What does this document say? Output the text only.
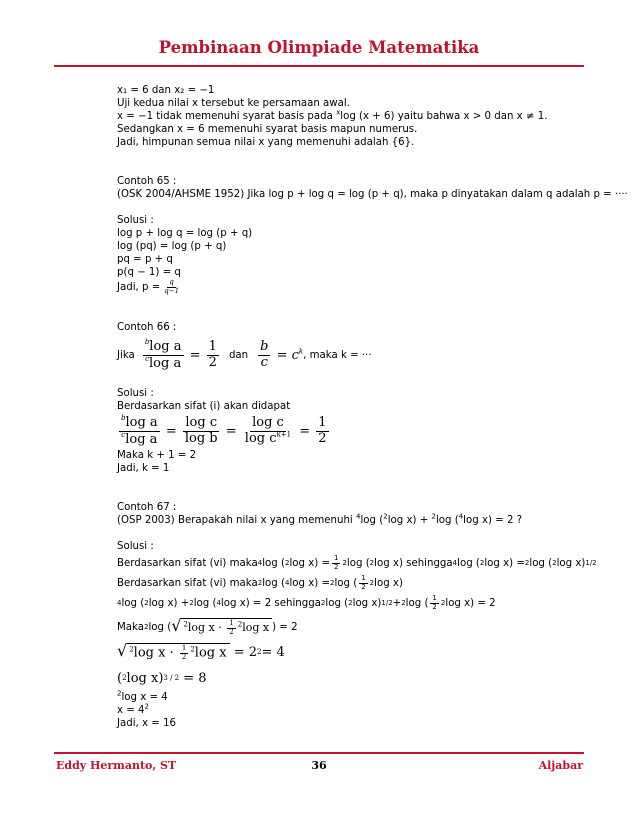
Pembinaan Olimpiade Matematika
x₁ = 6 dan x₂ = −1
Uji kedua nilai x tersebut ke persamaan awal.
x = −1 tidak memenuhi syarat basis pada $^x$log (x + 6) yaitu bahwa x > 0 dan x ≠ 1.
Sedangkan x = 6 memenuhi syarat basis mapun numerus.
Jadi, himpunan semua nilai x yang memenuhi adalah {6}.
Contoh 65 :
(OSK 2004/AHSME 1952) Jika log p + log q = log (p + q), maka p dinyatakan dalam q adalah p = ⋅⋅⋅⋅
Solusi :
log p + log q = log (p + q)
log (pq) = log (p + q)
pq = p + q
p(q − 1) = q
Jadi, $p = \frac{q}{q-1}$
Contoh 66 :
Jika $\frac{^b\log a}{^c\log a} = \frac{1}{2}$ dan $\frac{b}{c} = c^k$ , maka k = ⋅⋅⋅
Solusi :
Berdasarkan sifat (i) akan didapat
$\frac{^b\log a}{^c\log a} = \frac{\text{log c}}{\text{log b}} = \frac{\text{log c}}{\log c^{k+1}} = \frac{1}{2}$
Maka k + 1 = 2
Jadi, k = 1
Contoh 67 :
(OSP 2003) Berapakah nilai x yang memenuhi $^4$log ($^2$log x) + $^2$log ($^4$log x) = 2 ?
Solusi :
Berdasarkan sifat (vi) maka 4 log ( 2 $\log x) = \frac{1}{2} 2$ log ( 2 log x) sehingga 4 log ( 2 log x) = 2 log ( 2 log x) 1/2
Berdasarkan sifat (vi) maka 2 log ( 4 log x) = 2 log ( $\frac{1}{2} 2$ log x)
4 log ( 2 log x) + 2 log ( 4 log x) = 2 sehingga 2 log ( 2 log x) 1/2 + 2 log ( $\frac{1}{2} 2$ log x) = 2
Maka 2 log ( √ $^2$log $x \cdot \frac{1}{2} ^2\log$ x ) = 2
√ $^2$log $x \cdot \frac{1}{2} ^2\log$ x
= 2 2 = 4
( 2 log x ) 3 / 2
= 8
$^2$log x = 4
$x = 4^2$
Jadi, x = 16
Eddy Hermanto, ST	36	Aljabar
